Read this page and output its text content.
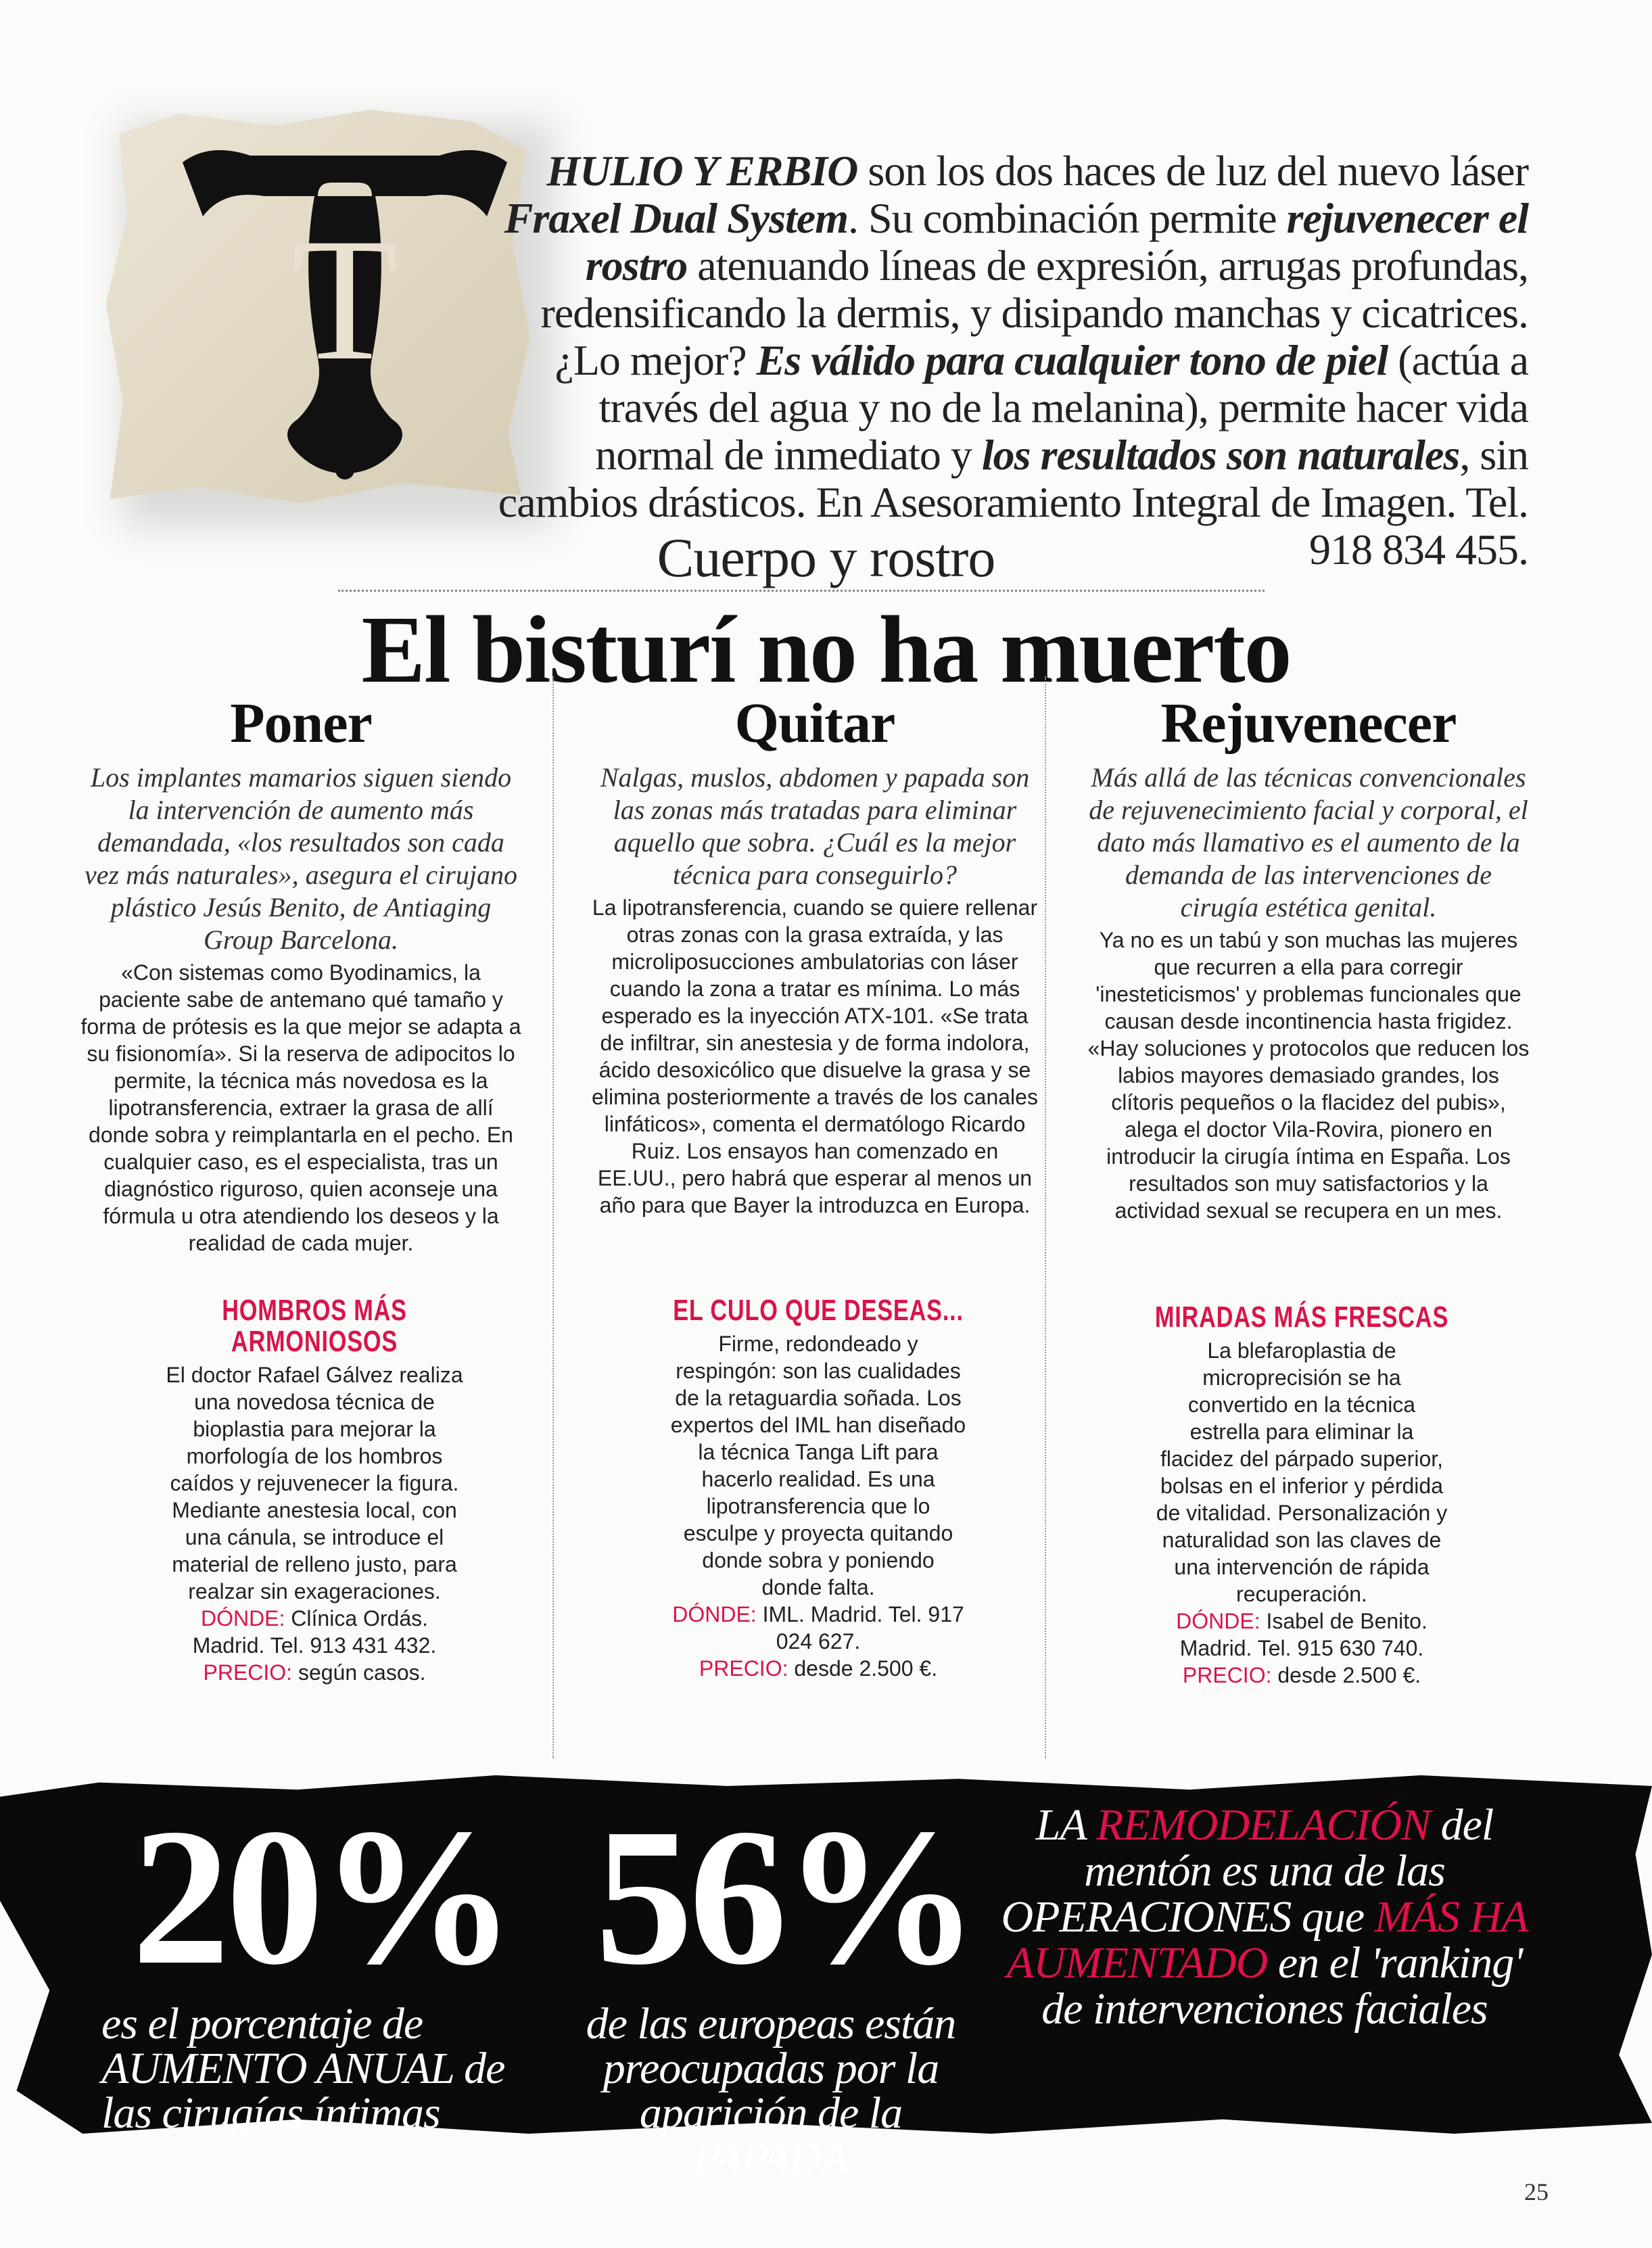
T
HULIO Y ERBIO son los dos haces de luz del nuevo láser Fraxel Dual System. Su combinación permite rejuvenecer el rostro atenuando líneas de expresión, arrugas profundas, redensificando la dermis, y disipando manchas y cicatrices. ¿Lo mejor? Es válido para cualquier tono de piel (actúa a través del agua y no de la melanina), permite hacer vida normal de inmediato y los resultados son naturales, sin cambios drásticos. En Asesoramiento Integral de Imagen. Tel. 918 834 455.
Cuerpo y rostro
El bisturí no ha muerto
Poner

Los implantes mamarios siguen siendo la intervención de aumento más demandada, «los resultados son cada vez más naturales», asegura el cirujano plástico Jesús Benito, de Antiaging Group Barcelona.

«Con sistemas como Byodinamics, la paciente sabe de antemano qué tamaño y forma de prótesis es la que mejor se adapta a su fisionomía». Si la reserva de adipocitos lo permite, la técnica más novedosa es la lipotransferencia, extraer la grasa de allí donde sobra y reimplantarla en el pecho. En cualquier caso, es el especialista, tras un diagnóstico riguroso, quien aconseje una fórmula u otra atendiendo los deseos y la realidad de cada mujer.

HOMBROS MÁS ARMONIOSOS
El doctor Rafael Gálvez realiza una novedosa técnica de bioplastia para mejorar la morfología de los hombros caídos y rejuvenecer la figura. Mediante anestesia local, con una cánula, se introduce el material de relleno justo, para realzar sin exageraciones.
DÓNDE: Clínica Ordás. Madrid. Tel. 913 431 432.
PRECIO: según casos.
Quitar

Nalgas, muslos, abdomen y papada son las zonas más tratadas para eliminar aquello que sobra. ¿Cuál es la mejor técnica para conseguirlo?

La lipotransferencia, cuando se quiere rellenar otras zonas con la grasa extraída, y las microliposucciones ambulatorias con láser cuando la zona a tratar es mínima. Lo más esperado es la inyección ATX-101. «Se trata de infiltrar, sin anestesia y de forma indolora, ácido desoxicólico que disuelve la grasa y se elimina posteriormente a través de los canales linfáticos», comenta el dermatólogo Ricardo Ruiz. Los ensayos han comenzado en EE.UU., pero habrá que esperar al menos un año para que Bayer la introduzca en Europa.

EL CULO QUE DESEAS...
Firme, redondeado y respingón: son las cualidades de la retaguardia soñada. Los expertos del IML han diseñado la técnica Tanga Lift para hacerlo realidad. Es una lipotransferencia que lo esculpe y proyecta quitando donde sobra y poniendo donde falta.
DÓNDE: IML. Madrid. Tel. 917 024 627.
PRECIO: desde 2.500 €.
Rejuvenecer

Más allá de las técnicas convencionales de rejuvenecimiento facial y corporal, el dato más llamativo es el aumento de la demanda de las intervenciones de cirugía estética genital.

Ya no es un tabú y son muchas las mujeres que recurren a ella para corregir 'inesteticismos' y problemas funcionales que causan desde incontinencia hasta frigidez. «Hay soluciones y protocolos que reducen los labios mayores demasiado grandes, los clítoris pequeños o la flacidez del pubis», alega el doctor Vila-Rovira, pionero en introducir la cirugía íntima en España. Los resultados son muy satisfactorios y la actividad sexual se recupera en un mes.

MIRADAS MÁS FRESCAS
La blefaroplastia de microprecisión se ha convertido en la técnica estrella para eliminar la flacidez del párpado superior, bolsas en el inferior y pérdida de vitalidad. Personalización y naturalidad son las claves de una intervención de rápida recuperación.
DÓNDE: Isabel de Benito. Madrid. Tel. 915 630 740.
PRECIO: desde 2.500 €.
20%
es el porcentaje de AUMENTO ANUAL de las cirugías íntimas
56%
de las europeas están preocupadas por la aparición de la PAPADA
LA REMODELACIÓN del mentón es una de las OPERACIONES que MÁS HA AUMENTADO en el 'ranking' de intervenciones faciales
25
